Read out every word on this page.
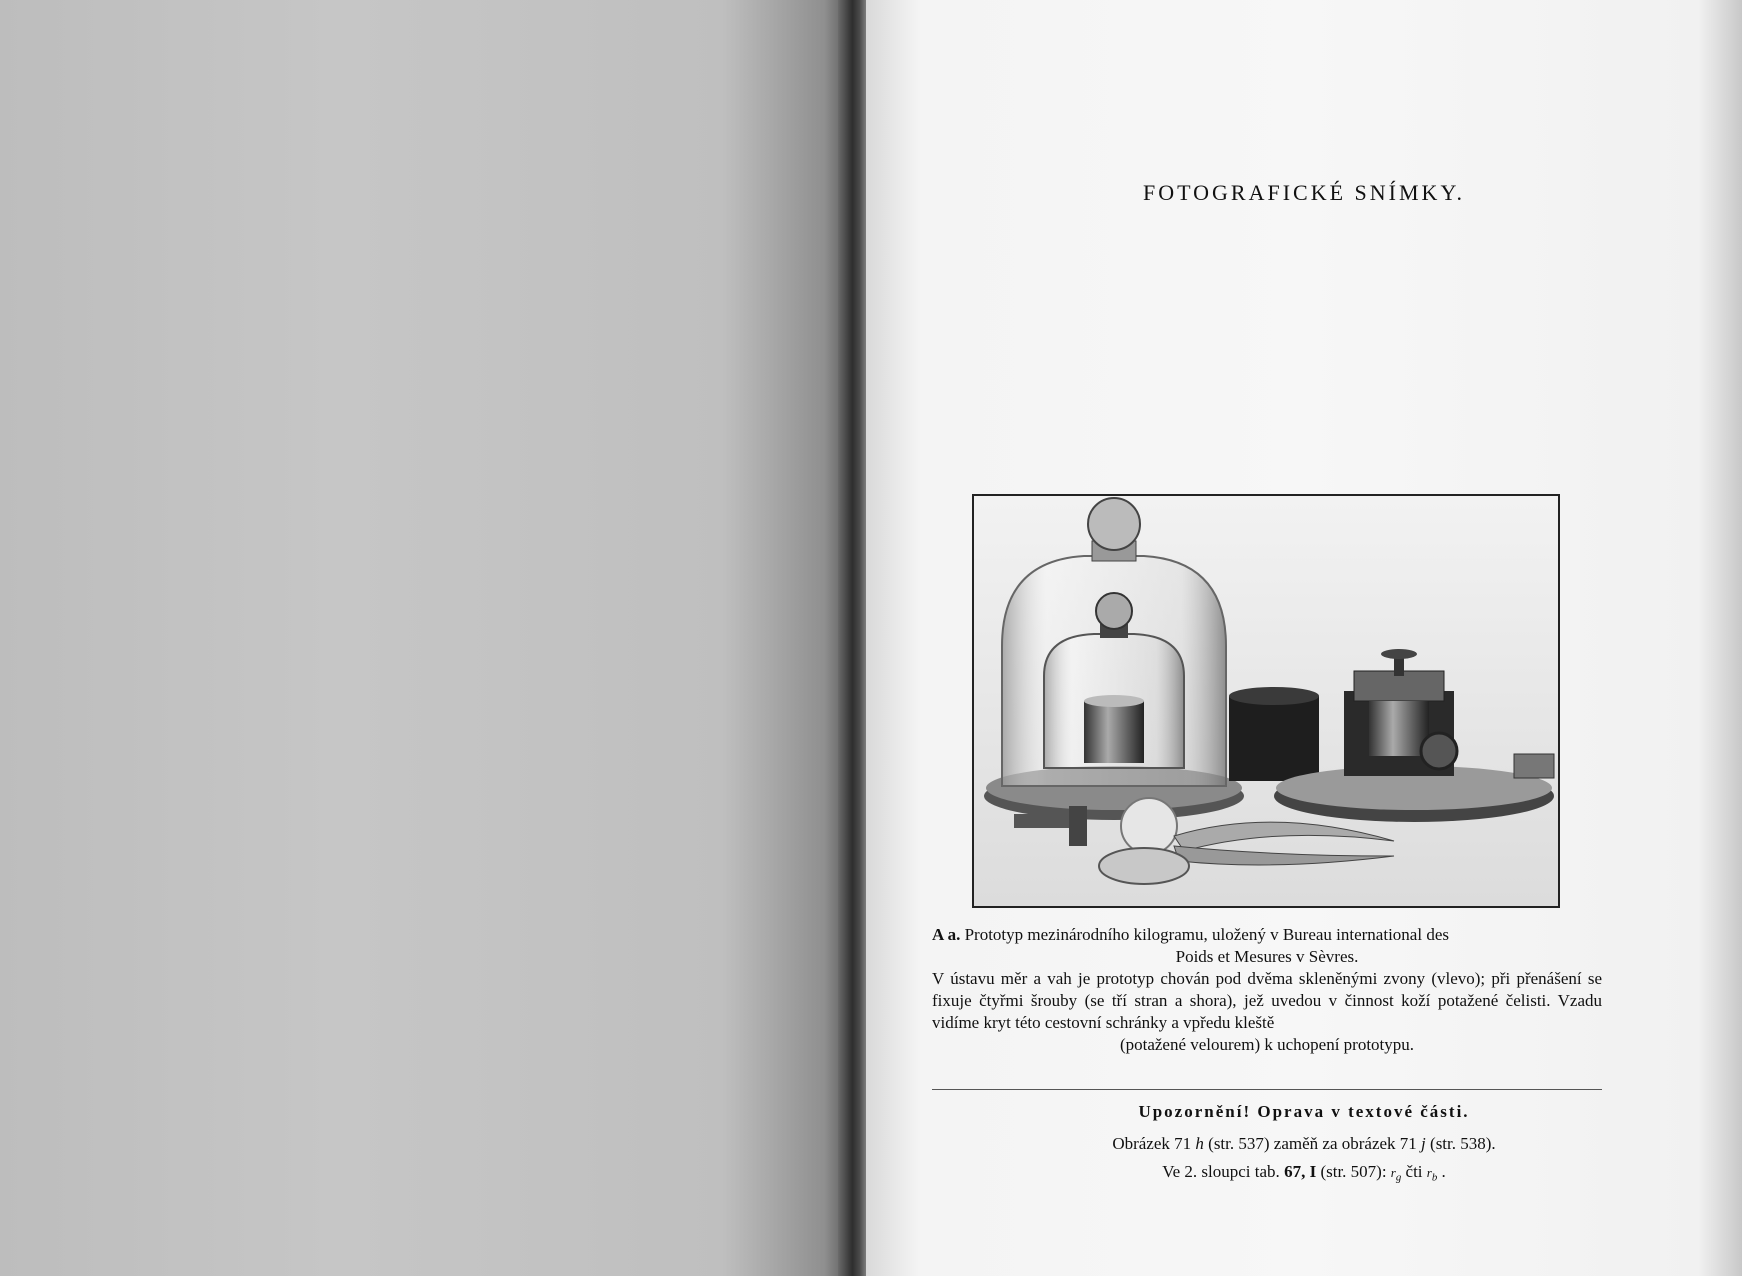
FOTOGRAFICKÉ SNÍMKY.

A a. Prototyp mezinárodního kilogramu, uložený v Bureau international des

Poids et Mesures v Sèvres.

V ústavu měr a vah je prototyp chován pod dvěma skleněnými zvony (vlevo); při přenášení se fixuje čtyřmi šrouby (se tří stran a shora), jež uvedou v činnost koží potažené čelisti. Vzadu vidíme kryt této cestovní schránky a vpředu kleště

(potažené velourem) k uchopení prototypu.

Upozornění! Oprava v textové části.
Obrázek 71 h (str. 537) zaměň za obrázek 71 j (str. 538).
Ve 2. sloupci tab. 67, I (str. 507): $r_g$ čti $r_b$ .
